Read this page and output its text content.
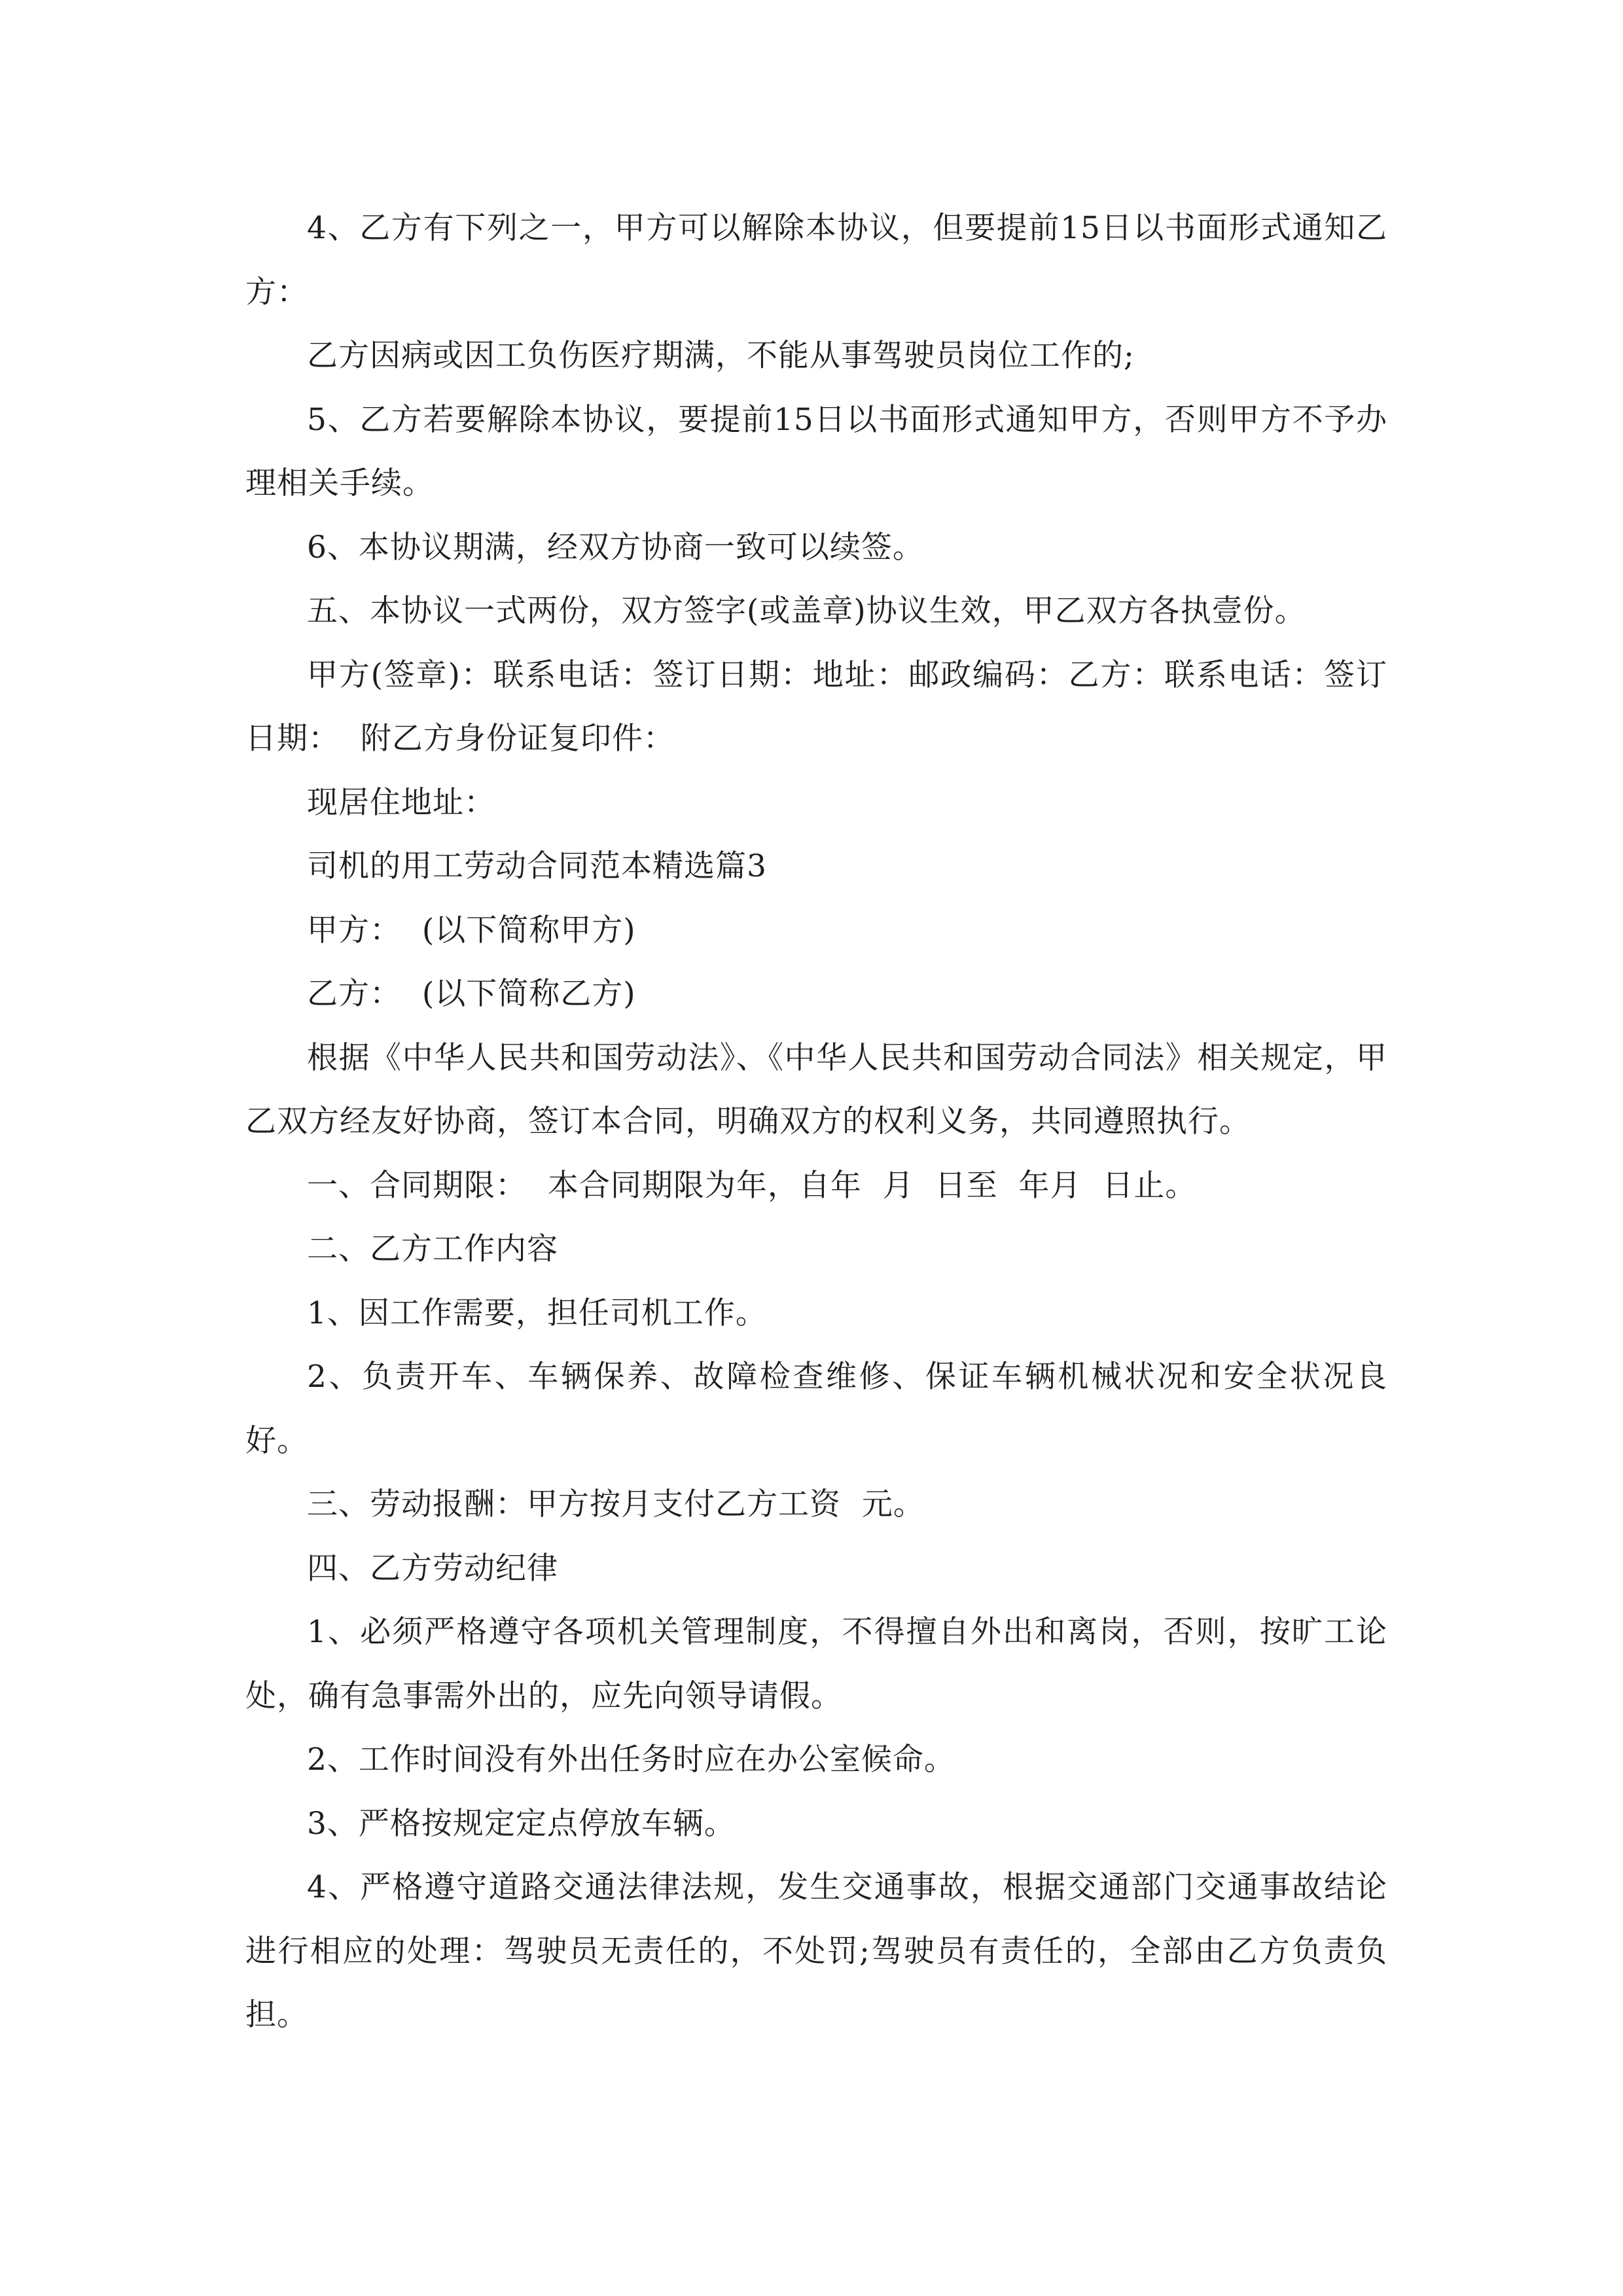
4、乙方有下列之一，甲方可以解除本协议，但要提前15日以书面形式通知乙方：

乙方因病或因工负伤医疗期满，不能从事驾驶员岗位工作的;

5、乙方若要解除本协议，要提前15日以书面形式通知甲方，否则甲方不予办理相关手续。

6、本协议期满，经双方协商一致可以续签。

五、本协议一式两份，双方签字(或盖章)协议生效，甲乙双方各执壹份。

甲方(签章)：联系电话：签订日期：地址：邮政编码：乙方：联系电话：签订日期：  附乙方身份证复印件：

现居住地址：

司机的用工劳动合同范本精选篇3

甲方：  (以下简称甲方)

乙方：  (以下简称乙方)

根据《中华人民共和国劳动法》、《中华人民共和国劳动合同法》相关规定，甲乙双方经友好协商，签订本合同，明确双方的权利义务，共同遵照执行。

一、合同期限：  本合同期限为年，自年  月  日至  年月  日止。

二、乙方工作内容

1、因工作需要，担任司机工作。

2、负责开车、车辆保养、故障检查维修、保证车辆机械状况和安全状况良好。

三、劳动报酬：甲方按月支付乙方工资  元。

四、乙方劳动纪律

1、必须严格遵守各项机关管理制度，不得擅自外出和离岗，否则，按旷工论处，确有急事需外出的，应先向领导请假。

2、工作时间没有外出任务时应在办公室候命。

3、严格按规定定点停放车辆。

4、严格遵守道路交通法律法规，发生交通事故，根据交通部门交通事故结论进行相应的处理：驾驶员无责任的，不处罚;驾驶员有责任的，全部由乙方负责负担。
